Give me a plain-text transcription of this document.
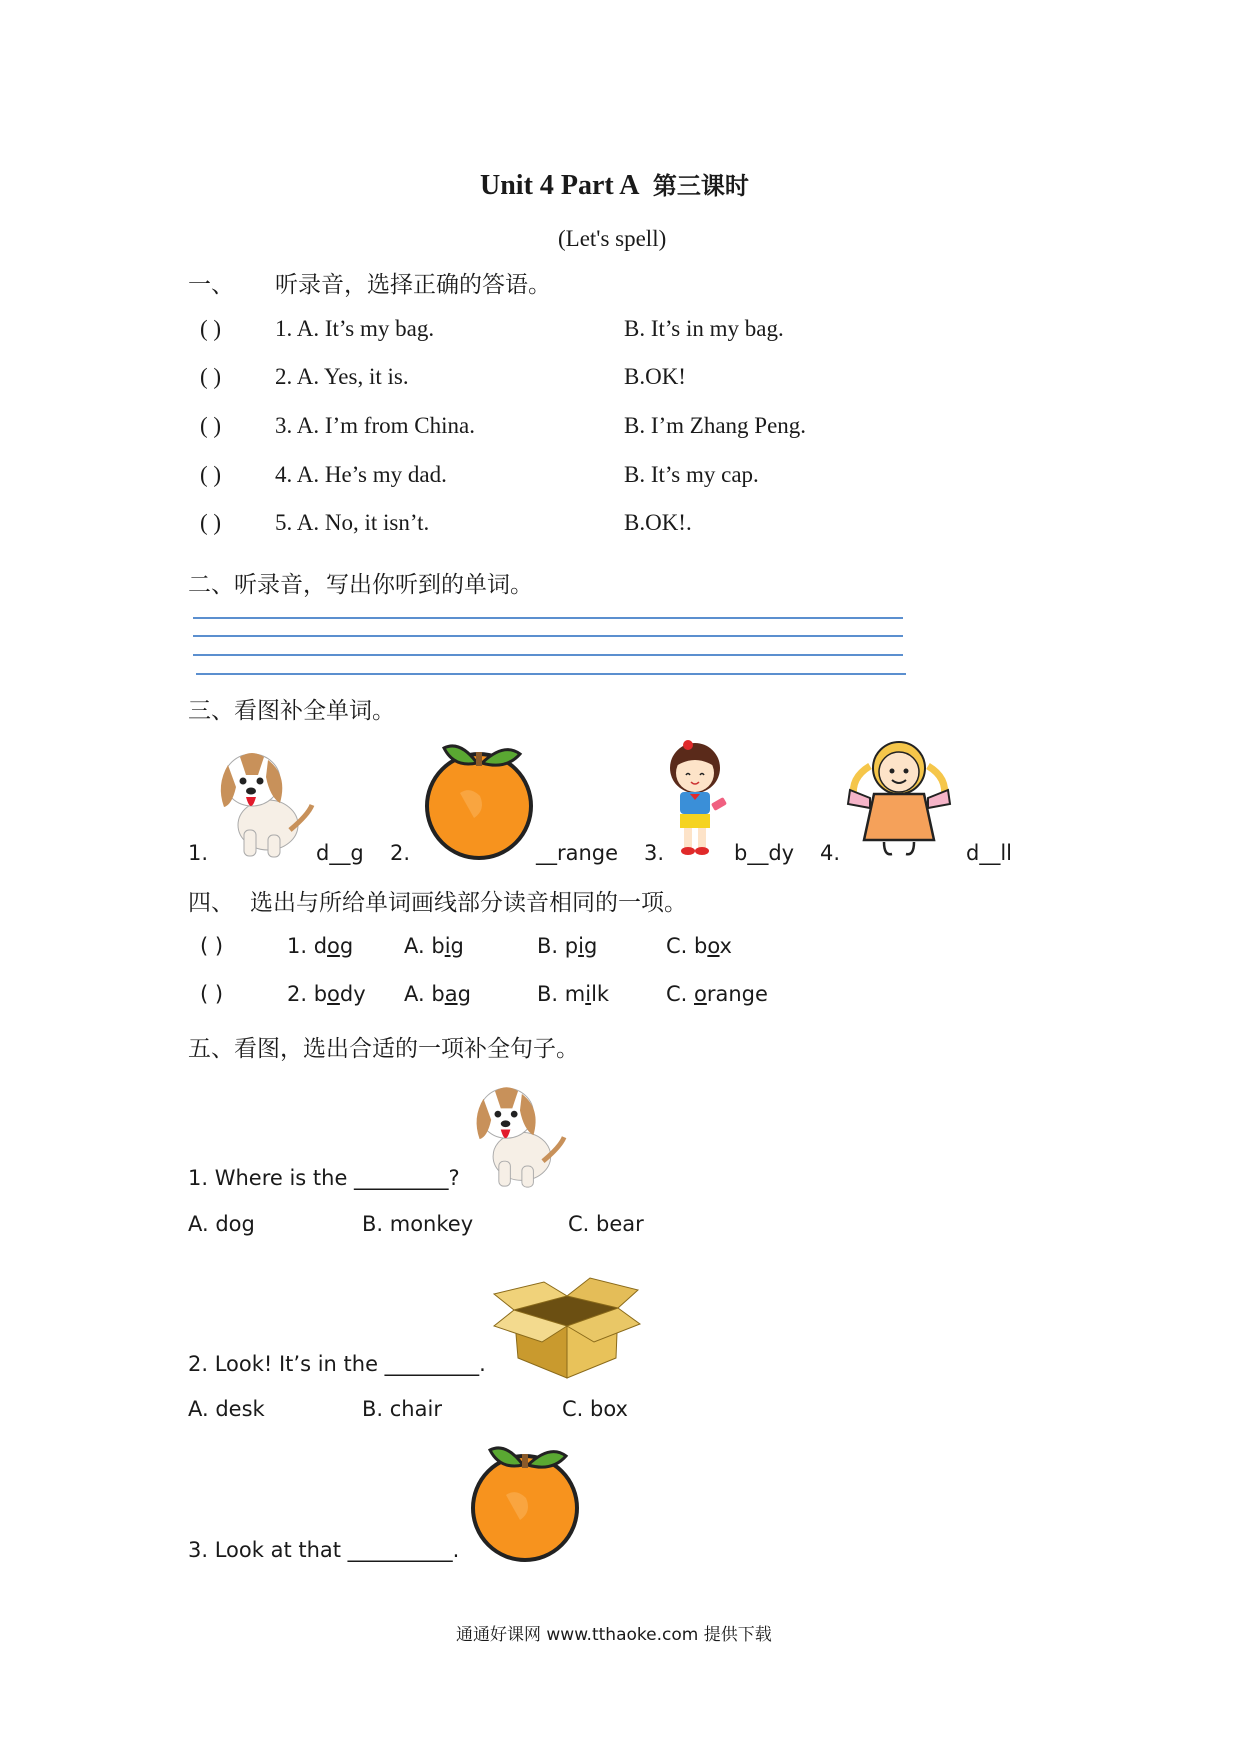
Unit 4 Part A 第三课时
(Let's spell)
一、 听录音，选择正确的答语。
( ) 1. A. It’s my bag.	B. It’s in my bag.
( ) 2. A. Yes, it is.	B.OK!
( ) 3. A. I’m from China.	B. I’m Zhang Peng.
( ) 4. A. He’s my dad.	B. It’s my cap.
( ) 5. A. No, it isn’t.	B.OK!.
二、听录音，写出你听到的单词。
三、看图补全单词。
1.	d__g 2.	__range 3.	b__dy 4.	d__ll
四、 选出与所给单词画线部分读音相同的一项。
( )	1. dog A. big	B. pig	C. box
( )	2. body A. bag	B. milk	C. orange
五、看图，选出合适的一项补全句子。
1. Where is the _________?
A. dog	B. monkey	C. bear
2. Look! It’s in the _________.
A. desk	B. chair	C. box
3. Look at that __________.
通通好课网 www.tthaoke.com 提供下载
